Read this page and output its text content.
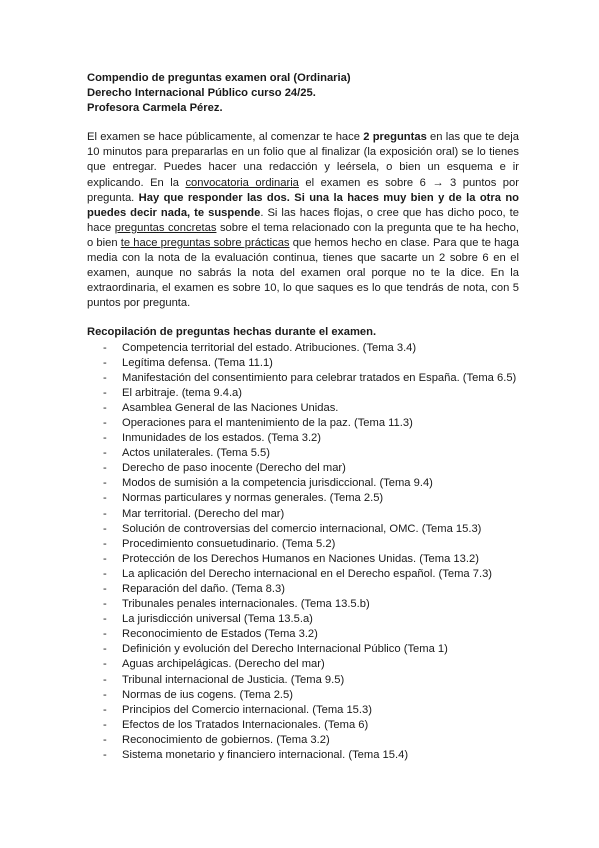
Compendio de preguntas examen oral (Ordinaria)
Derecho Internacional Público curso 24/25.
Profesora Carmela Pérez.

El examen se hace públicamente, al comenzar te hace 2 preguntas en las que te deja 10 minutos para prepararlas en un folio que al finalizar (la exposición oral) se lo tienes que entregar. Puedes hacer una redacción y leérsela, o bien un esquema e ir explicando. En la convocatoria ordinaria el examen es sobre 6 → 3 puntos por pregunta. Hay que responder las dos. Si una la haces muy bien y de la otra no puedes decir nada, te suspende. Si las haces flojas, o cree que has dicho poco, te hace preguntas concretas sobre el tema relacionado con la pregunta que te ha hecho, o bien te hace preguntas sobre prácticas que hemos hecho en clase. Para que te haga media con la nota de la evaluación continua, tienes que sacarte un 2 sobre 6 en el examen, aunque no sabrás la nota del examen oral porque no te la dice. En la extraordinaria, el examen es sobre 10, lo que saques es lo que tendrás de nota, con 5 puntos por pregunta.

Recopilación de preguntas hechas durante el examen.
- Competencia territorial del estado. Atribuciones. (Tema 3.4)
- Legítima defensa. (Tema 11.1)
- Manifestación del consentimiento para celebrar tratados en España. (Tema 6.5)
- El arbitraje. (tema 9.4.a)
- Asamblea General de las Naciones Unidas.
- Operaciones para el mantenimiento de la paz. (Tema 11.3)
- Inmunidades de los estados. (Tema 3.2)
- Actos unilaterales. (Tema 5.5)
- Derecho de paso inocente (Derecho del mar)
- Modos de sumisión a la competencia jurisdiccional. (Tema 9.4)
- Normas particulares y normas generales. (Tema 2.5)
- Mar territorial. (Derecho del mar)
- Solución de controversias del comercio internacional, OMC. (Tema 15.3)
- Procedimiento consuetudinario. (Tema 5.2)
- Protección de los Derechos Humanos en Naciones Unidas. (Tema 13.2)
- La aplicación del Derecho internacional en el Derecho español. (Tema 7.3)
- Reparación del daño. (Tema 8.3)
- Tribunales penales internacionales. (Tema 13.5.b)
- La jurisdicción universal (Tema 13.5.a)
- Reconocimiento de Estados (Tema 3.2)
- Definición y evolución del Derecho Internacional Público (Tema 1)
- Aguas archipelágicas. (Derecho del mar)
- Tribunal internacional de Justicia. (Tema 9.5)
- Normas de ius cogens. (Tema 2.5)
- Principios del Comercio internacional. (Tema 15.3)
- Efectos de los Tratados Internacionales. (Tema 6)
- Reconocimiento de gobiernos. (Tema 3.2)
- Sistema monetario y financiero internacional. (Tema 15.4)
